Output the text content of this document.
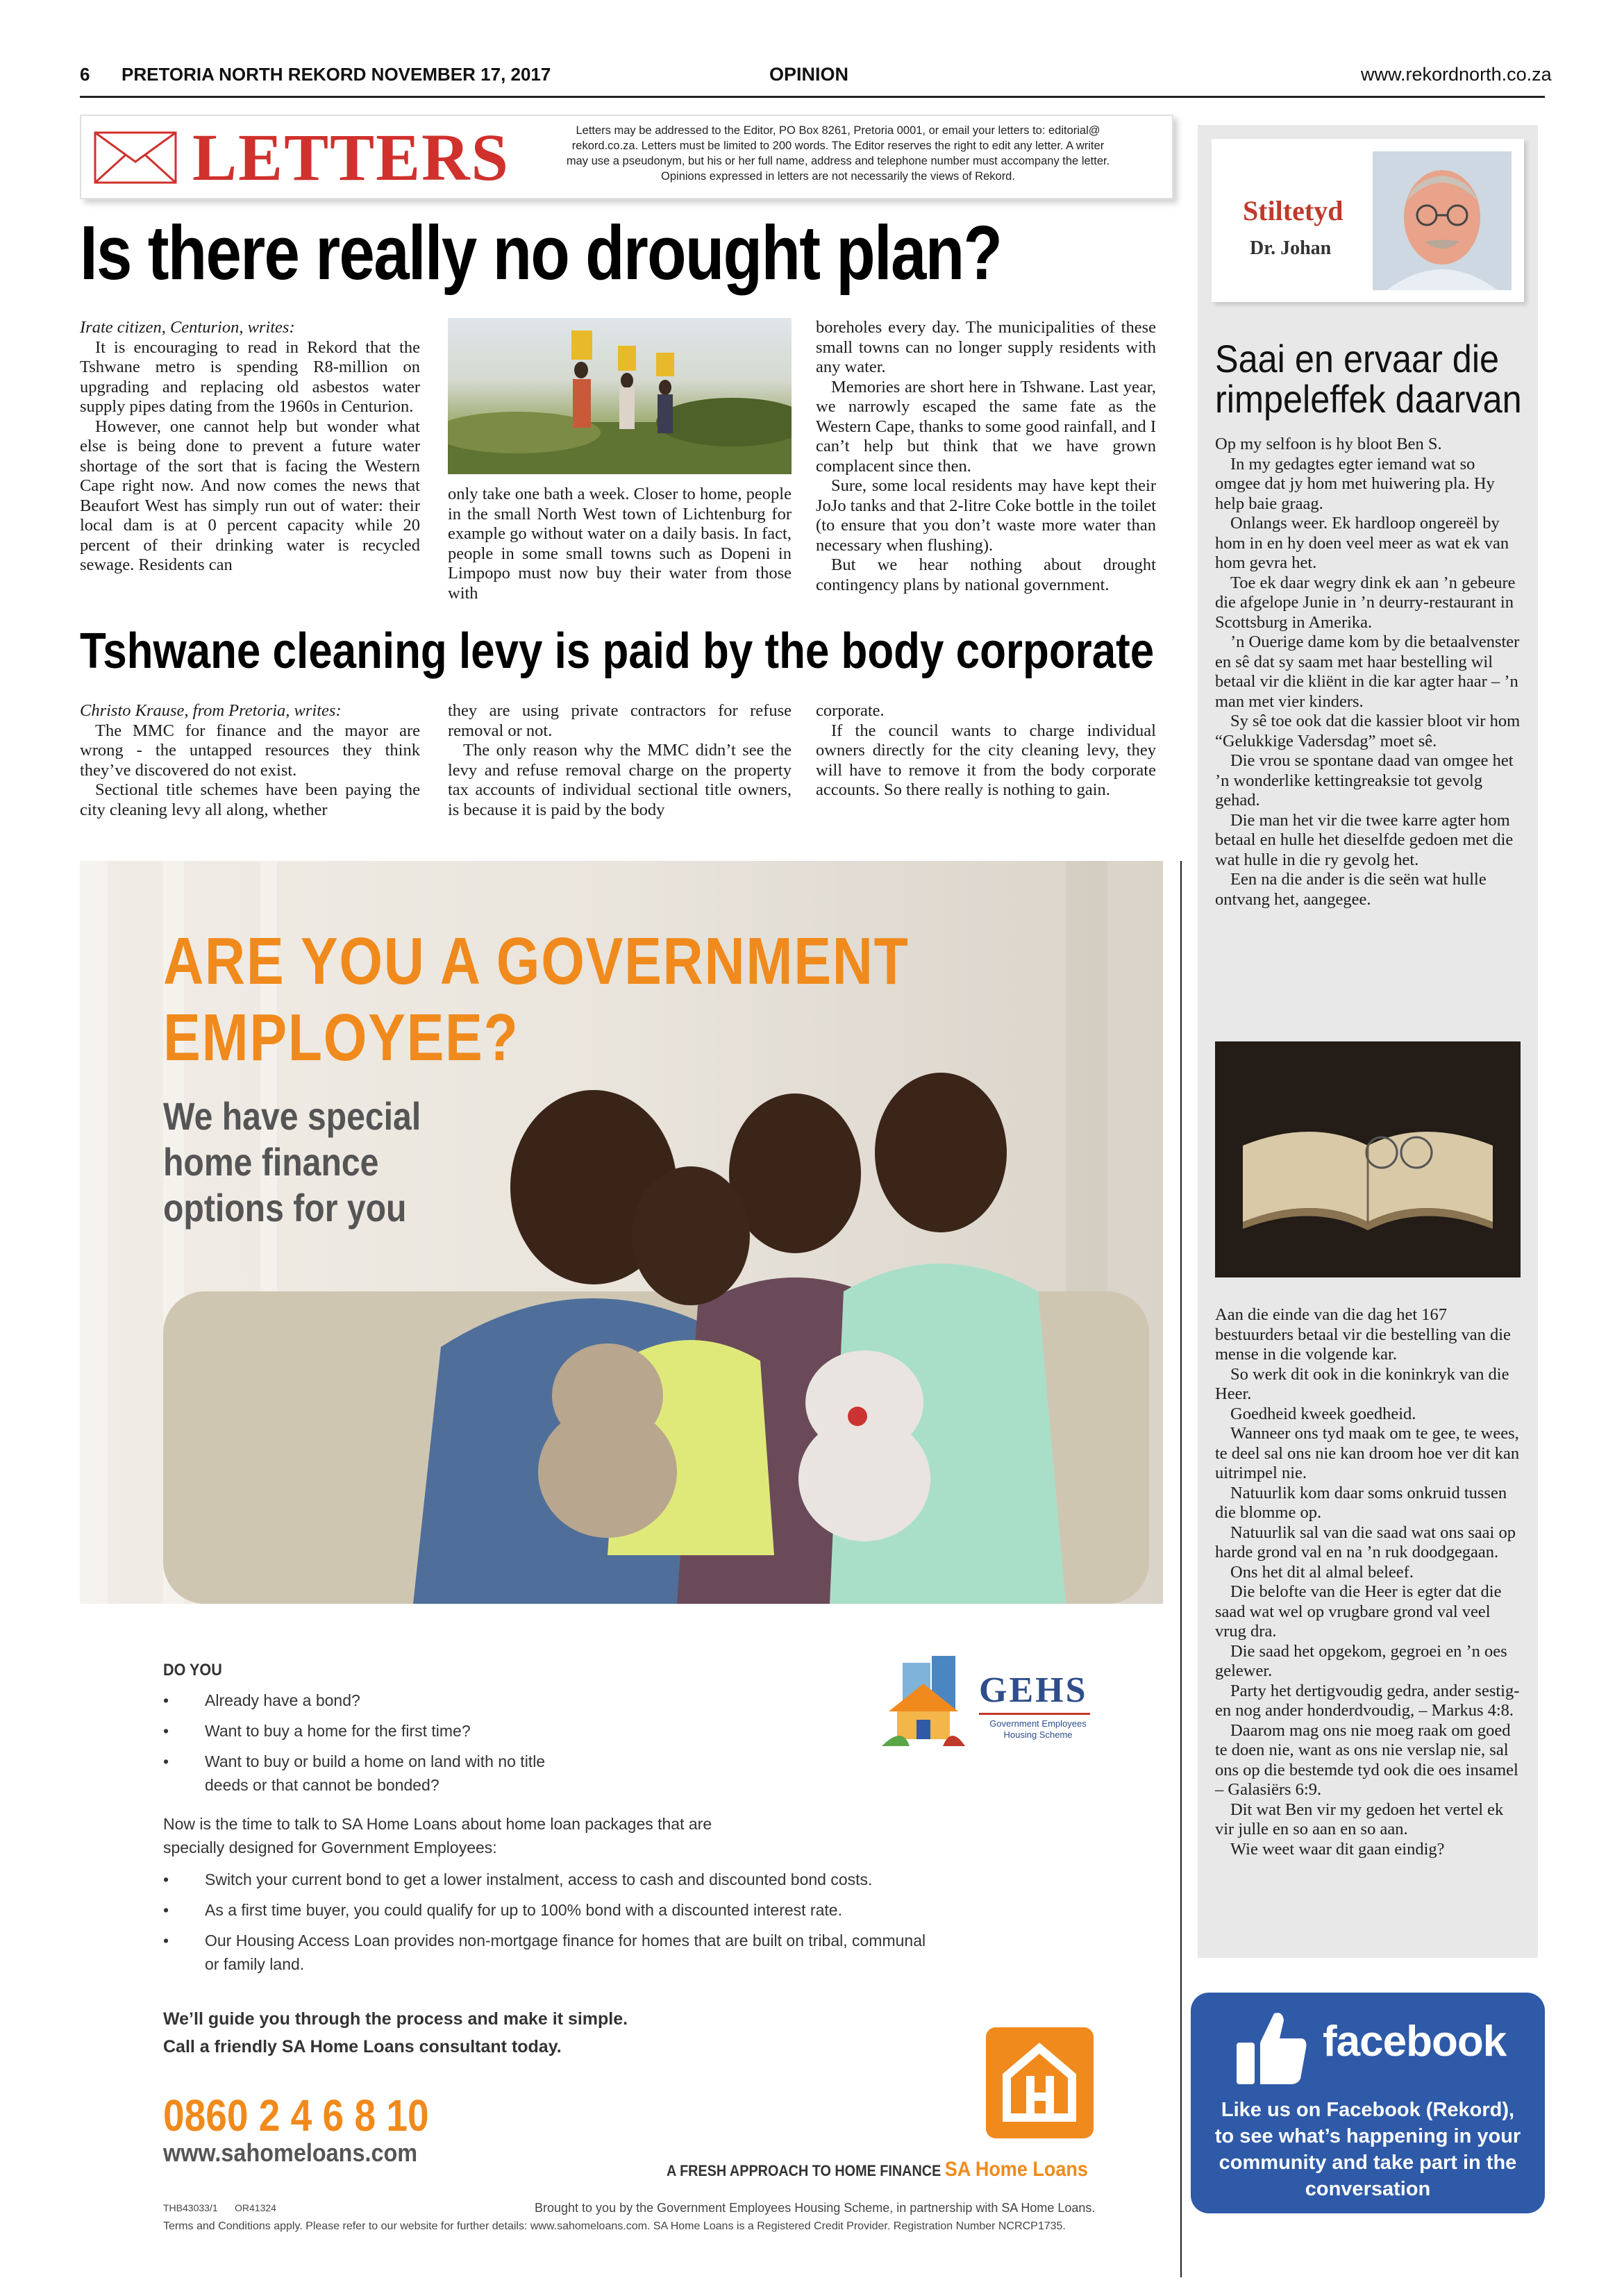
6 PRETORIA NORTH REKORD NOVEMBER 17, 2017	OPINION	www.rekordnorth.co.za
LETTERS	Letters may be addressed to the Editor, PO Box 8261, Pretoria 0001, or email your letters to: editorial@
rekord.co.za. Letters must be limited to 200 words. The Editor reserves the right to edit any letter. A writer
may use a pseudonym, but his or her full name, address and telephone number must accompany the letter.
Opinions expressed in letters are not necessarily the views of Rekord.
Is there really no drought plan?

Irate citizen, Centurion, writes:

It is encouraging to read in Rekord that the Tshwane metro is spending R8-million on upgrading and replacing old asbestos water supply pipes dating from the 1960s in Centurion.

However, one cannot help but wonder what else is being done to prevent a future water shortage of the sort that is facing the Western Cape right now. And now comes the news that Beaufort West has simply run out of water: their local dam is at 0 percent capacity while 20 percent of their drinking water is recycled sewage. Residents can

only take one bath a week. Closer to home, people in the small North West town of Lichtenburg for example go without water on a daily basis. In fact, people in some small towns such as Dopeni in Limpopo must now buy their water from those with

boreholes every day. The municipalities of these small towns can no longer supply residents with any water.

Memories are short here in Tshwane. Last year, we narrowly escaped the same fate as the Western Cape, thanks to some good rainfall, and I can’t help but think that we have grown complacent since then.

Sure, some local residents may have kept their JoJo tanks and that 2-litre Coke bottle in the toilet (to ensure that you don’t waste more water than necessary when flushing).

But we hear nothing about drought contingency plans by national government.

Tshwane cleaning levy is paid by the body corporate

Christo Krause, from Pretoria, writes:

The MMC for finance and the mayor are wrong - the untapped resources they think they’ve discovered do not exist.

Sectional title schemes have been paying the city cleaning levy all along, whether

they are using private contractors for refuse removal or not.

The only reason why the MMC didn’t see the levy and refuse removal charge on the property tax accounts of individual sectional title owners, is because it is paid by the body

corporate.

If the council wants to charge individual owners directly for the city cleaning levy, they will have to remove it from the body corporate accounts. So there really is nothing to gain.

ARE YOU A GOVERNMENT
EMPLOYEE?
We have special
home finance
options for you
DO YOU
• Already have a bond?
• Want to buy a home for the first time?
• Want to buy or build a home on land with no title
deeds or that cannot be bonded?
Now is the time to talk to SA Home Loans about home loan packages that are
specially designed for Government Employees:
• Switch your current bond to get a lower instalment, access to cash and discounted bond costs.
• As a first time buyer, you could qualify for up to 100% bond with a discounted interest rate.
• Our Housing Access Loan provides non-mortgage finance for homes that are built on tribal, communal
or family land.
We’ll guide you through the process and make it simple.
Call a friendly SA Home Loans consultant today.
0860 2 4 6 8 10
www.sahomeloans.com
GEHS
Government Employees
Housing Scheme
A FRESH APPROACH TO HOME FINANCE SA Home Loans
THB43033/1 OR41324	Brought to you by the Government Employees Housing Scheme, in partnership with SA Home Loans.
Terms and Conditions apply. Please refer to our website for further details: www.sahomeloans.com. SA Home Loans is a Registered Credit Provider. Registration Number NCRCP1735.
Stiltetyd
Dr. Johan
Saai en ervaar die
rimpeleffek daarvan

Op my selfoon is hy bloot Ben S.

In my gedagtes egter iemand wat so omgee dat jy hom met huiwering pla. Hy help baie graag.

Onlangs weer. Ek hardloop ongereël by hom in en hy doen veel meer as wat ek van hom gevra het.

Toe ek daar wegry dink ek aan ’n gebeure die afgelope Junie in ’n deurry-restaurant in Scottsburg in Amerika.

’n Ouerige dame kom by die betaalvenster en sê dat sy saam met haar bestelling wil betaal vir die kliënt in die kar agter haar – ’n man met vier kinders.

Sy sê toe ook dat die kassier bloot vir hom “Gelukkige Vadersdag” moet sê.

Die vrou se spontane daad van omgee het ’n wonderlike kettingreaksie tot gevolg gehad.

Die man het vir die twee karre agter hom betaal en hulle het dieselfde gedoen met die wat hulle in die ry gevolg het.

Een na die ander is die seën wat hulle ontvang het, aangegee.

Aan die einde van die dag het 167 bestuurders betaal vir die bestelling van die mense in die volgende kar.

So werk dit ook in die koninkryk van die Heer.

Goedheid kweek goedheid.

Wanneer ons tyd maak om te gee, te wees, te deel sal ons nie kan droom hoe ver dit kan uitrimpel nie.

Natuurlik kom daar soms onkruid tussen die blomme op.

Natuurlik sal van die saad wat ons saai op harde grond val en na ’n ruk doodgegaan.

Ons het dit al almal beleef.

Die belofte van die Heer is egter dat die saad wat wel op vrugbare grond val veel vrug dra.

Die saad het opgekom, gegroei en ’n oes gelewer.

Party het dertigvoudig gedra, ander sestig- en nog ander honderdvoudig, – Markus 4:8.

Daarom mag ons nie moeg raak om goed te doen nie, want as ons nie verslap nie, sal ons op die bestemde tyd ook die oes insamel – Galasiërs 6:9.

Dit wat Ben vir my gedoen het vertel ek vir julle en so aan en so aan.

Wie weet waar dit gaan eindig?

facebook
Like us on Facebook (Rekord),
to see what’s happening in your
community and take part in the
conversation
